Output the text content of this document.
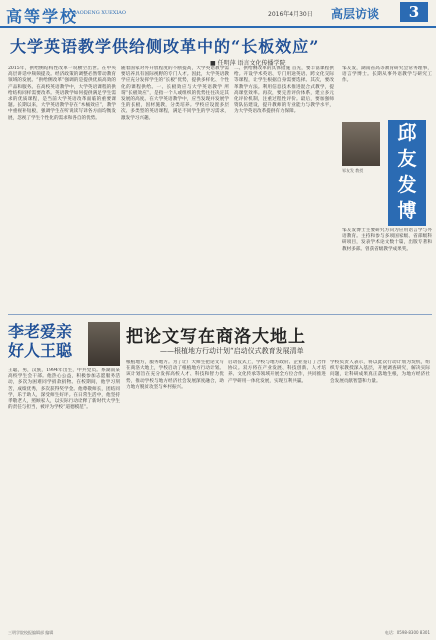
高等学校
GAODENG XUEXIAO	2016年4月30日 高层访谈	3
大学英语教学供给侧改革中的“长板效应”
■ 任明萍 语言文化传播学院
2015年，供给侧结构性改革一说横空出世。在中央高层讲话中频频提及。经济政策的调整必然带动教育领域的发展。“供给侧改革”强调的是提供优质高效的产品和服务。在高校英语教学中，大学英语课程的供给结构同样需要改革。英语教学如何提供满足学生需求的优质课程，是当前大学英语改革面临的重要课题。长期以来，大学英语教学存在“木桶效应”，教学中重视补短板，强调学生在听说读写译各方面均衡发展，忽视了学生个性化的需求和各自的优势。
随着国家对外开放程度的不断提高，大学英语教学需要培养具有国际视野的专门人才。因此，大学英语教学应充分发挥学生的“长板”优势，提供多样化、个性化的课程供给。一、长板效应与大学英语教学 所谓“长板效应”，是指一个人或组织的优势往往决定其发展的高度。在大学英语教学中，应当发现并发展学生的长板，因材施教，分类培养。学校应设置多层次、多类型的英语课程，满足不同学生的学习需求，激发学习兴趣。
二、供给侧改革的具体措施 首先，要丰富课程供给。开设学术英语、专门用途英语、跨文化交际等课程，让学生根据自身需要选择。其次，要改革教学方法。利用信息技术推进混合式教学，提高课堂效率。再次，要完善评价体系，建立多元化评价机制，注重过程性评价。最后，要加强师资队伍建设，提升教师的专业能力与教学水平，为大学英语改革提供有力保障。
邹友发，湖南省高等教育研究会常务理事，语言学博士。长期从事外语教学与研究工作。
邹友发 教授
邱
友
发
博
邹友发博士主要研究方向为应用语言学与外语教育。主持和参与多项国家级、省部级科研项目，发表学术论文数十篇，出版专著和教材多部。曾获省级教学成果奖。
李老爱亲好人王聪
王聪，男，汉族，1994年出生，中共党员。系湖南某高校学生会干部。他热心公益，积极参加志愿服务活动，多次为困难同学捐款捐物。在校期间，他学习刻苦，成绩优秀，多次获得奖学金。他尊敬师长，团结同学，乐于助人，深受师生好评。在日常生活中，他坚持孝敬老人，照顾家人，以实际行动诠释了新时代大学生的责任与担当，被评为学校“道德模范”。
把论文写在商洛大地上
——根植地方行动计划“启动仪式教育发展清单
根植地方，服务地方。为了让广大师生把论文写在商洛大地上，学校启动了根植地方行动计划。该计划旨在充分发挥高校人才、科技和智力优势，推动学校与地方经济社会发展深度融合，助力地方脱贫攻坚与乡村振兴。
启动仪式上，学校与地方政府、企业签订了合作协议。双方将在产业发展、科技创新、人才培养、文化传承等领域开展全方位合作，共同推进产学研用一体化发展，实现互利共赢。
学校负责人表示，将以此次行动计划为契机，组织专家教授深入基层，开展调查研究，解决实际问题，让科研成果真正落地生根，为地方经济社会发展贡献智慧和力量。
三明学院校报编辑部 编辑	电话：0598-8300 8301
